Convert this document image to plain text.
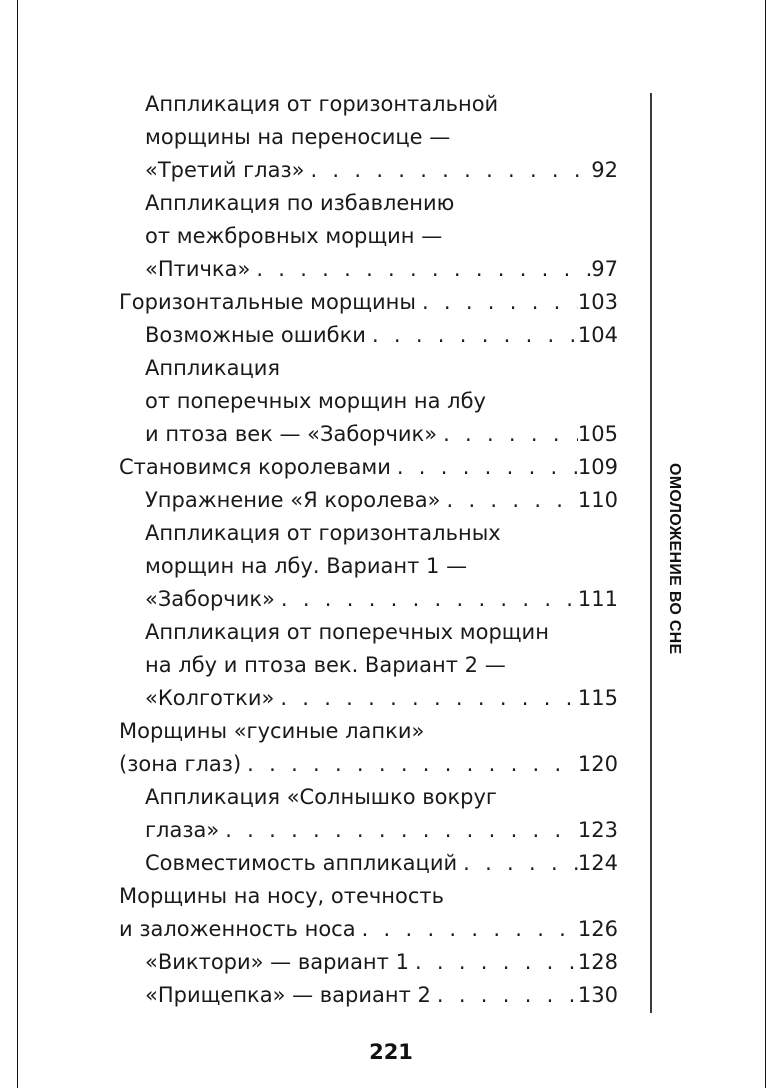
Аппликация от горизонтальной
морщины на переносице —
«Третий глаз» . . .	92
Аппликация по избавлению
от межбровных морщин —
«Птичка» . . .	97
Горизонтальные морщины . . .	103
Возможные ошибки . . .	104
Аппликация
от поперечных морщин на лбу
и птоза век — «Заборчик» . . .	105
Становимся королевами . . .	109
Упражнение «Я королева» . . .	110
Аппликация от горизонтальных
морщин на лбу. Вариант 1 —
«Заборчик» . . .	111
Аппликация от поперечных морщин
на лбу и птоза век. Вариант 2 —
«Колготки» . . .	115
Морщины «гусиные лапки»
(зона глаз) . . .	120
Аппликация «Солнышко вокруг
глаза» . . .	123
Совместимость аппликаций . . .	124
Морщины на носу, отечность
и заложенность носа . . .	126
«Виктори» — вариант 1 . . .	128
«Прищепка» — вариант 2 . . .	130
ОМОЛОЖЕНИЕ ВО СНЕ
221
